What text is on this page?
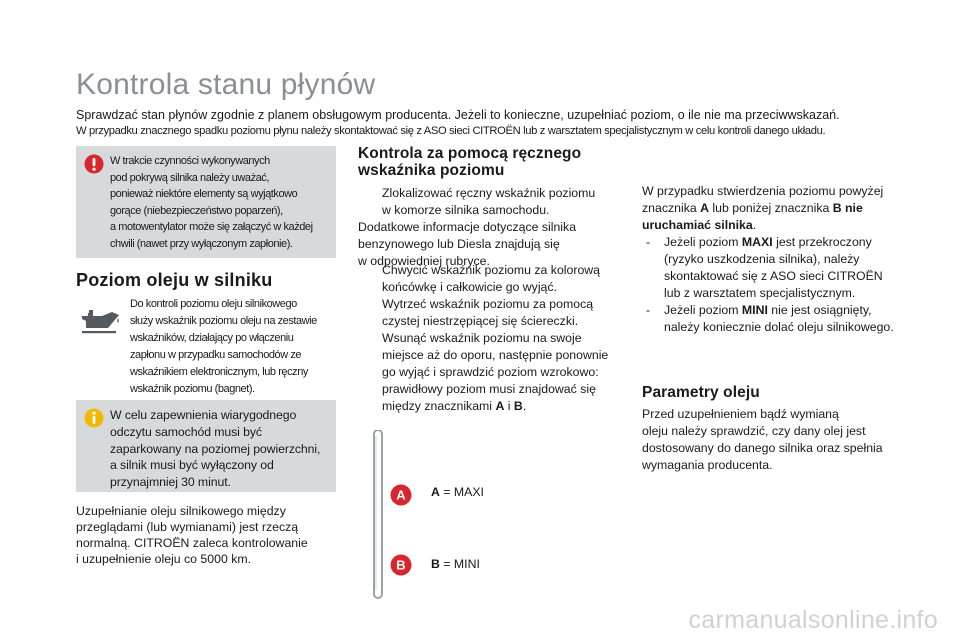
Kontrola stanu płynów

Sprawdzać stan płynów zgodnie z planem obsługowym producenta. Jeżeli to konieczne, uzupełniać poziom, o ile nie ma przeciwwskazań.

W przypadku znacznego spadku poziomu płynu należy skontaktować się z ASO sieci CITROËN lub z warsztatem specjalistycznym w celu kontroli danego układu.

W trakcie czynności wykonywanych
pod pokrywą silnika należy uważać,
ponieważ niektóre elementy są wyjątkowo
gorące (niebezpieczeństwo poparzeń),
a motowentylator może się załączyć w każdej
chwili (nawet przy wyłączonym zapłonie).
Poziom oleju w silniku
Do kontroli poziomu oleju silnikowego
służy wskaźnik poziomu oleju na zestawie
wskaźników, działający po włączeniu
zapłonu w przypadku samochodów ze
wskaźnikiem elektronicznym, lub ręczny
wskaźnik poziomu (bagnet).
W celu zapewnienia wiarygodnego
odczytu samochód musi być
zaparkowany na poziomej powierzchni,
a silnik musi być wyłączony od
przynajmniej 30 minut.
Uzupełnianie oleju silnikowego między
przeglądami (lub wymianami) jest rzeczą
normalną. CITROËN zaleca kontrolowanie
i uzupełnienie oleju co 5000 km.
Kontrola za pomocą ręcznego
wskaźnika poziomu
Zlokalizować ręczny wskaźnik poziomu
w komorze silnika samochodu.
Dodatkowe informacje dotyczące silnika
benzynowego lub Diesla znajdują się
w odpowiedniej rubryce.
Chwycić wskaźnik poziomu za kolorową
końcówkę i całkowicie go wyjąć.
Wytrzeć wskaźnik poziomu za pomocą
czystej niestrzępiącej się ściereczki.
Wsunąć wskaźnik poziomu na swoje
miejsce aż do oporu, następnie ponownie
go wyjąć i sprawdzić poziom wzrokowo:
prawidłowy poziom musi znajdować się
między znacznikami A i B.
A
B
A = MAXI
B = MINI
W przypadku stwierdzenia poziomu powyżej
znacznika A lub poniżej znacznika B nie
uruchamiać silnika.
- Jeżeli poziom MAXI jest przekroczony
(ryzyko uszkodzenia silnika), należy
skontaktować się z ASO sieci CITROËN
lub z warsztatem specjalistycznym.
- Jeżeli poziom MINI nie jest osiągnięty,
należy koniecznie dolać oleju silnikowego.
Parametry oleju
Przed uzupełnieniem bądź wymianą
oleju należy sprawdzić, czy dany olej jest
dostosowany do danego silnika oraz spełnia
wymagania producenta.
carmanualsonline.info
